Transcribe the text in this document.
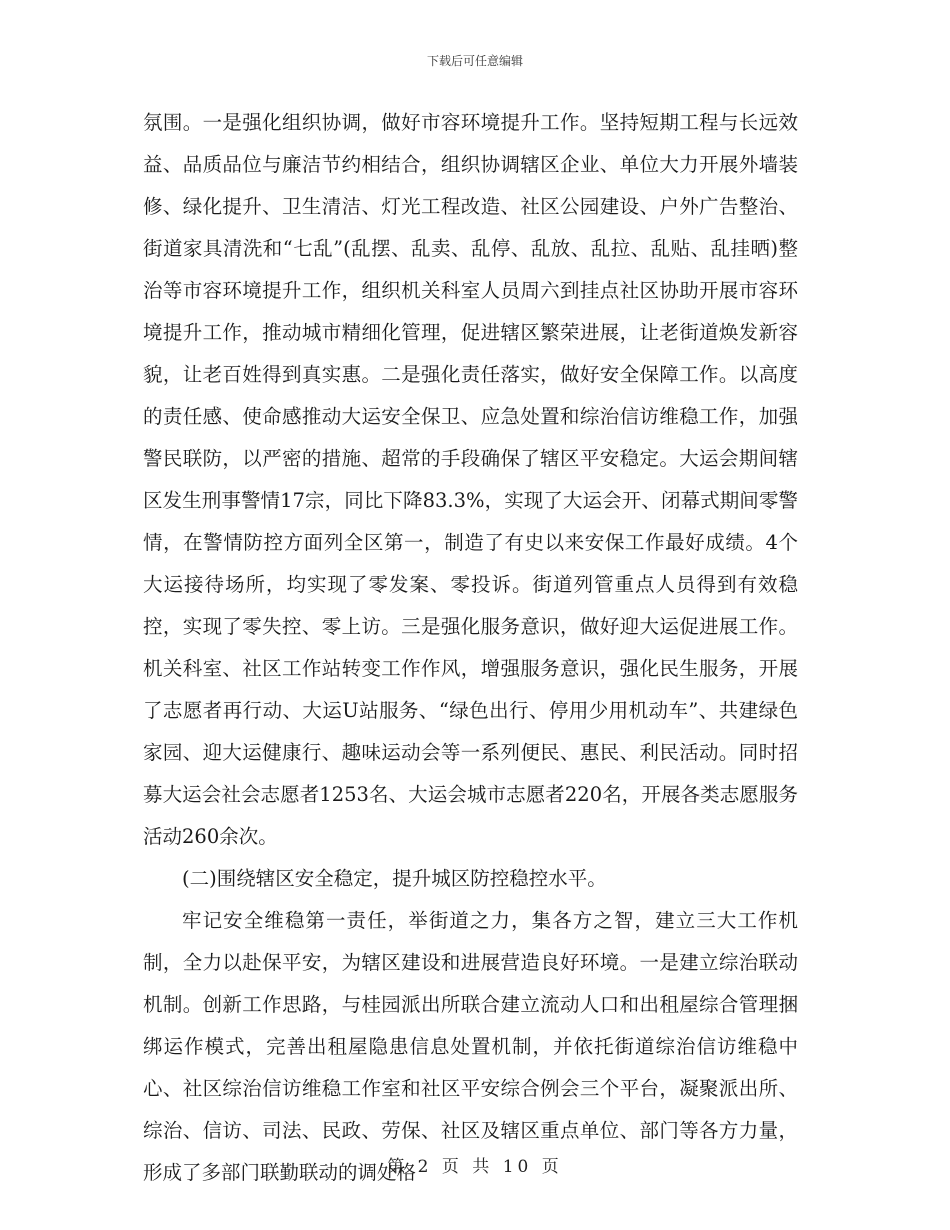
下载后可任意编辑

氛围。一是强化组织协调，做好市容环境提升工作。坚持短期工程与长远效益、品质品位与廉洁节约相结合，组织协调辖区企业、单位大力开展外墙装修、绿化提升、卫生清洁、灯光工程改造、社区公园建设、户外广告整治、街道家具清洗和“七乱”(乱摆、乱卖、乱停、乱放、乱拉、乱贴、乱挂晒)整治等市容环境提升工作，组织机关科室人员周六到挂点社区协助开展市容环境提升工作，推动城市精细化管理，促进辖区繁荣进展，让老街道焕发新容貌，让老百姓得到真实惠。二是强化责任落实，做好安全保障工作。以高度的责任感、使命感推动大运安全保卫、应急处置和综治信访维稳工作，加强警民联防，以严密的措施、超常的手段确保了辖区平安稳定。大运会期间辖区发生刑事警情17宗，同比下降83.3%，实现了大运会开、闭幕式期间零警情，在警情防控方面列全区第一，制造了有史以来安保工作最好成绩。4个大运接待场所，均实现了零发案、零投诉。街道列管重点人员得到有效稳控，实现了零失控、零上访。三是强化服务意识，做好迎大运促进展工作。机关科室、社区工作站转变工作作风，增强服务意识，强化民生服务，开展了志愿者再行动、大运U站服务、“绿色出行、停用少用机动车”、共建绿色家园、迎大运健康行、趣味运动会等一系列便民、惠民、利民活动。同时招募大运会社会志愿者1253名、大运会城市志愿者220名，开展各类志愿服务活动260余次。

(二)围绕辖区安全稳定，提升城区防控稳控水平。

牢记安全维稳第一责任，举街道之力，集各方之智，建立三大工作机制，全力以赴保平安，为辖区建设和进展营造良好环境。一是建立综治联动机制。创新工作思路，与桂园派出所联合建立流动人口和出租屋综合管理捆绑运作模式，完善出租屋隐患信息处置机制，并依托街道综治信访维稳中心、社区综治信访维稳工作室和社区平安综合例会三个平台，凝聚派出所、综治、信访、司法、民政、劳保、社区及辖区重点单位、部门等各方力量，形成了多部门联勤联动的调处格

第 2 页 共 10 页
